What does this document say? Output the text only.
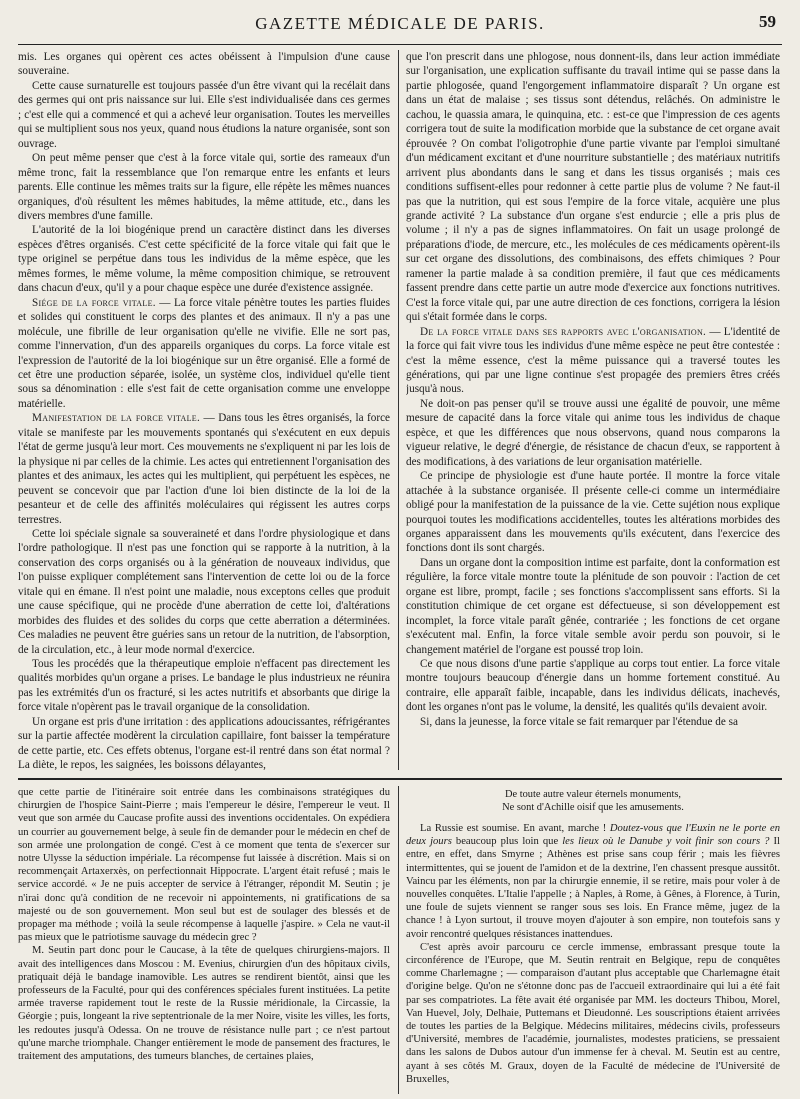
GAZETTE MÉDICALE DE PARIS.	59

mis. Les organes qui opèrent ces actes obéissent à l'impulsion d'une cause souveraine.

Cette cause surnaturelle est toujours passée d'un être vivant qui la recélait dans des germes qui ont pris naissance sur lui. Elle s'est individualisée dans ces germes ; c'est elle qui a commencé et qui a achevé leur organisation. Toutes les merveilles qui se multiplient sous nos yeux, quand nous étudions la nature organisée, sont son ouvrage.

On peut même penser que c'est à la force vitale qui, sortie des rameaux d'un même tronc, fait la ressemblance que l'on remarque entre les enfants et leurs parents. Elle continue les mêmes traits sur la figure, elle répète les mêmes nuances organiques, d'où résultent les mêmes habitudes, la même attitude, etc., dans les divers membres d'une famille.

L'autorité de la loi biogénique prend un caractère distinct dans les diverses espèces d'êtres organisés. C'est cette spécificité de la force vitale qui fait que le type originel se perpétue dans tous les individus de la même espèce, que les mêmes formes, le même volume, la même composition chimique, se retrouvent dans chacun d'eux, qu'il y a pour chaque espèce une durée d'existence assignée.

Siége de la force vitale. — La force vitale pénètre toutes les parties fluides et solides qui constituent le corps des plantes et des animaux. Il n'y a pas une molécule, une fibrille de leur organisation qu'elle ne vivifie. Elle ne sort pas, comme l'innervation, d'un des appareils organiques du corps. La force vitale est l'expression de l'autorité de la loi biogénique sur un être organisé. Elle a formé de cet être une production séparée, isolée, un système clos, individuel qu'elle tient sous sa dénomination : elle s'est fait de cette organisation comme une enveloppe matérielle.

Manifestation de la force vitale. — Dans tous les êtres organisés, la force vitale se manifeste par les mouvements spontanés qui s'exécutent en eux depuis l'état de germe jusqu'à leur mort. Ces mouvements ne s'expliquent ni par les lois de la physique ni par celles de la chimie. Les actes qui entretiennent l'organisation des plantes et des animaux, les actes qui les multiplient, qui perpétuent les espèces, ne peuvent se concevoir que par l'action d'une loi bien distincte de la loi de la pesanteur et de celle des affinités moléculaires qui régissent les autres corps terrestres.

Cette loi spéciale signale sa souveraineté et dans l'ordre physiologique et dans l'ordre pathologique. Il n'est pas une fonction qui se rapporte à la nutrition, à la conservation des corps organisés ou à la génération de nouveaux individus, que l'on puisse expliquer complétement sans l'intervention de cette loi ou de la force vitale qui en émane. Il n'est point une maladie, nous exceptons celles que produit une cause spécifique, qui ne procède d'une aberration de cette loi, d'altérations morbides des fluides et des solides du corps que cette aberration a déterminées. Ces maladies ne peuvent être guéries sans un retour de la nutrition, de l'absorption, de la circulation, etc., à leur mode normal d'exercice.

Tous les procédés que la thérapeutique emploie n'effacent pas directement les qualités morbides qu'un organe a prises. Le bandage le plus industrieux ne réunira pas les extrémités d'un os fracturé, si les actes nutritifs et absorbants que dirige la force vitale n'opèrent pas le travail organique de la consolidation.

Un organe est pris d'une irritation : des applications adoucissantes, réfrigérantes sur la partie affectée modèrent la circulation capillaire, font baisser la température de cette partie, etc. Ces effets obtenus, l'organe est-il rentré dans son état normal ? La diète, le repos, les saignées, les boissons délayantes,

que l'on prescrit dans une phlogose, nous donnent-ils, dans leur action immédiate sur l'organisation, une explication suffisante du travail intime qui se passe dans la partie phlogosée, quand l'engorgement inflammatoire disparaît ? Un organe est dans un état de malaise ; ses tissus sont détendus, relâchés. On administre le cachou, le quassia amara, le quinquina, etc. : est-ce que l'impression de ces agents corrigera tout de suite la modification morbide que la substance de cet organe avait éprouvée ? On combat l'oligotrophie d'une partie vivante par l'emploi simultané d'un médicament excitant et d'une nourriture substantielle ; des matériaux nutritifs arrivent plus abondants dans le sang et dans les tissus organisés ; mais ces conditions suffisent-elles pour redonner à cette partie plus de volume ? Ne faut-il pas que la nutrition, qui est sous l'empire de la force vitale, acquière une plus grande activité ? La substance d'un organe s'est endurcie ; elle a pris plus de volume ; il n'y a pas de signes inflammatoires. On fait un usage prolongé de préparations d'iode, de mercure, etc., les molécules de ces médicaments opèrent-ils sur cet organe des dissolutions, des combinaisons, des effets chimiques ? Pour ramener la partie malade à sa condition première, il faut que ces médicaments fassent prendre dans cette partie un autre mode d'exercice aux fonctions nutritives. C'est la force vitale qui, par une autre direction de ces fonctions, corrigera la lésion qui s'était formée dans le corps.

De la force vitale dans ses rapports avec l'organisation. — L'identité de la force qui fait vivre tous les individus d'une même espèce ne peut être contestée : c'est la même essence, c'est la même puissance qui a traversé toutes les générations, qui par une ligne continue s'est propagée des premiers êtres créés jusqu'à nous.

Ne doit-on pas penser qu'il se trouve aussi une égalité de pouvoir, une même mesure de capacité dans la force vitale qui anime tous les individus de chaque espèce, et que les différences que nous observons, quand nous comparons la vigueur relative, le degré d'énergie, de résistance de chacun d'eux, se rapportent à des modifications, à des variations de leur organisation matérielle.

Ce principe de physiologie est d'une haute portée. Il montre la force vitale attachée à la substance organisée. Il présente celle-ci comme un intermédiaire obligé pour la manifestation de la puissance de la vie. Cette sujétion nous explique pourquoi toutes les modifications accidentelles, toutes les altérations morbides des organes apparaissent dans les mouvements qu'ils exécutent, dans l'exercice des fonctions dont ils sont chargés.

Dans un organe dont la composition intime est parfaite, dont la conformation est régulière, la force vitale montre toute la plénitude de son pouvoir : l'action de cet organe est libre, prompt, facile ; ses fonctions s'accomplissent sans efforts. Si la constitution chimique de cet organe est défectueuse, si son développement est incomplet, la force vitale paraît gênée, contrariée ; les fonctions de cet organe s'exécutent mal. Enfin, la force vitale semble avoir perdu son pouvoir, si le changement matériel de l'organe est poussé trop loin.

Ce que nous disons d'une partie s'applique au corps tout entier. La force vitale montre toujours beaucoup d'énergie dans un homme fortement constitué. Au contraire, elle apparaît faible, incapable, dans les individus délicats, inachevés, dont les organes n'ont pas le volume, la densité, les qualités qu'ils devaient avoir.

Si, dans la jeunesse, la force vitale se fait remarquer par l'étendue de sa

que cette partie de l'itinéraire soit entrée dans les combinaisons stratégiques du chirurgien de l'hospice Saint-Pierre ; mais l'empereur le désire, l'empereur le veut. Il veut que son armée du Caucase profite aussi des inventions occidentales. On expédiera un courrier au gouvernement belge, à seule fin de demander pour le médecin en chef de son armée une prolongation de congé. C'est à ce moment que tenta de s'exercer sur notre Ulysse la séduction impériale. La récompense fut laissée à discrétion. Mais si on recommençait Artaxerxès, on perfectionnait Hippocrate. L'argent était refusé ; mais le service accordé. « Je ne puis accepter de service à l'étranger, répondit M. Seutin ; je n'irai donc qu'à condition de ne recevoir ni appointements, ni gratifications de sa majesté ou de son gouvernement. Mon seul but est de soulager des blessés et de propager ma méthode ; voilà la seule récompense à laquelle j'aspire. » Cela ne vaut-il pas mieux que le patriotisme sauvage du médecin grec ?

M. Seutin part donc pour le Caucase, à la tête de quelques chirurgiens-majors. Il avait des intelligences dans Moscou : M. Evenius, chirurgien d'un des hôpitaux civils, pratiquait déjà le bandage inamovible. Les autres se rendirent bientôt, ainsi que les professeurs de la Faculté, pour qui des conférences spéciales furent instituées. La petite armée traverse rapidement tout le reste de la Russie méridionale, la Circassie, la Géorgie ; puis, longeant la rive septentrionale de la mer Noire, visite les villes, les forts, les redoutes jusqu'à Odessa. On ne trouve de résistance nulle part ; ce n'est partout qu'une marche triomphale. Changer entièrement le mode de pansement des fractures, le traitement des amputations, des tumeurs blanches, de certaines plaies,

De toute autre valeur éternels monuments,
Ne sont d'Achille oisif que les amusements.

La Russie est soumise. En avant, marche ! Doutez-vous que l'Euxin ne le porte en deux jours beaucoup plus loin que les lieux où le Danube y voit finir son cours ? Il entre, en effet, dans Smyrne ; Athènes est prise sans coup férir ; mais les fièvres intermittentes, qui se jouent de l'amidon et de la dextrine, l'en chassent presque aussitôt. Vaincu par les éléments, non par la chirurgie ennemie, il se retire, mais pour voler à de nouvelles conquêtes. L'Italie l'appelle ; à Naples, à Rome, à Gênes, à Florence, à Turin, une foule de sujets viennent se ranger sous ses lois. En France même, jugez de la chance ! à Lyon surtout, il trouve moyen d'ajouter à son empire, non toutefois sans y avoir rencontré quelques résistances inattendues.

C'est après avoir parcouru ce cercle immense, embrassant presque toute la circonférence de l'Europe, que M. Seutin rentrait en Belgique, repu de conquêtes comme Charlemagne ; — comparaison d'autant plus acceptable que Charlemagne était d'origine belge. Qu'on ne s'étonne donc pas de l'accueil extraordinaire qui lui a été fait par ses compatriotes. La fête avait été organisée par MM. les docteurs Thibou, Morel, Van Huevel, Joly, Delhaie, Puttemans et Dieudonné. Les souscriptions étaient arrivées de toutes les parties de la Belgique. Médecins militaires, médecins civils, professeurs d'Université, membres de l'académie, journalistes, modestes praticiens, se pressaient dans les salons de Dubos autour d'un immense fer à cheval. M. Seutin est au centre, ayant à ses côtés M. Graux, doyen de la Faculté de médecine de l'Université de Bruxelles,
